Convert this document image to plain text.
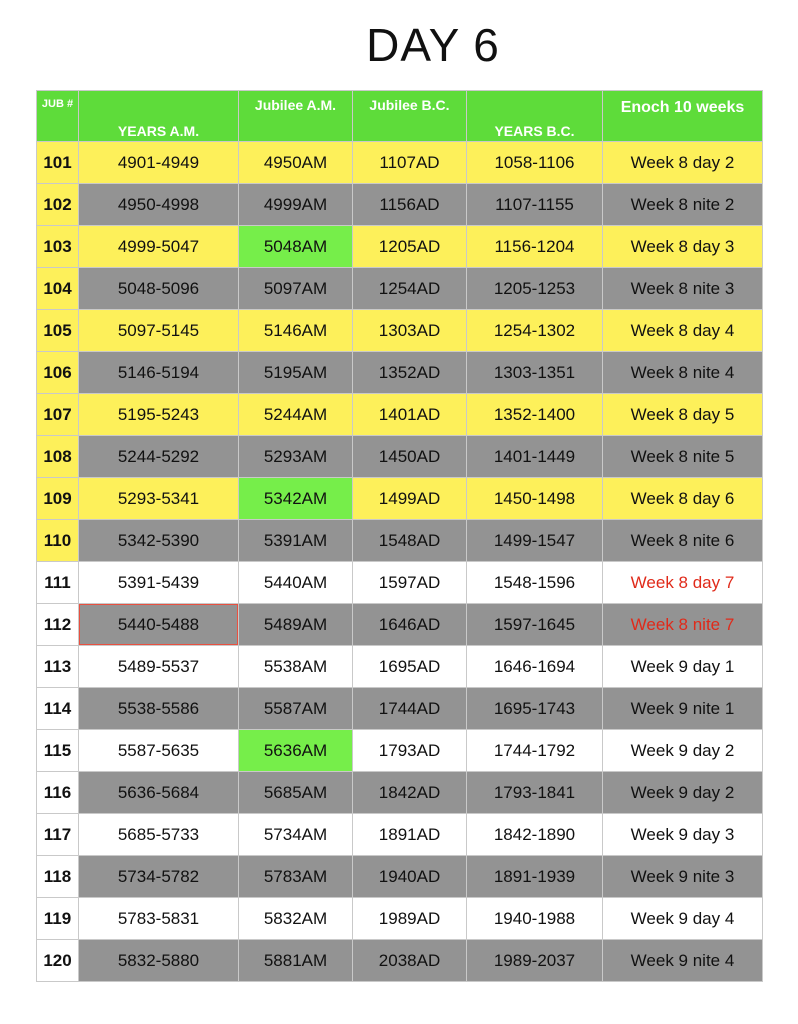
DAY 6
JUB #	YEARS A.M.	Jubilee A.M.	Jubilee B.C.	YEARS B.C.	Enoch 10 weeks
101	4901-4949	4950AM	1107AD	1058-1106	Week 8 day 2
102	4950-4998	4999AM	1156AD	1107-1155	Week 8 nite 2
103	4999-5047	5048AM	1205AD	1156-1204	Week 8 day 3
104	5048-5096	5097AM	1254AD	1205-1253	Week 8 nite 3
105	5097-5145	5146AM	1303AD	1254-1302	Week 8 day 4
106	5146-5194	5195AM	1352AD	1303-1351	Week 8 nite 4
107	5195-5243	5244AM	1401AD	1352-1400	Week 8 day 5
108	5244-5292	5293AM	1450AD	1401-1449	Week 8 nite 5
109	5293-5341	5342AM	1499AD	1450-1498	Week 8 day 6
110	5342-5390	5391AM	1548AD	1499-1547	Week 8 nite 6
111	5391-5439	5440AM	1597AD	1548-1596	Week 8 day 7
112	5440-5488	5489AM	1646AD	1597-1645	Week 8 nite 7
113	5489-5537	5538AM	1695AD	1646-1694	Week 9 day 1
114	5538-5586	5587AM	1744AD	1695-1743	Week 9 nite 1
115	5587-5635	5636AM	1793AD	1744-1792	Week 9 day 2
116	5636-5684	5685AM	1842AD	1793-1841	Week 9 day 2
117	5685-5733	5734AM	1891AD	1842-1890	Week 9 day 3
118	5734-5782	5783AM	1940AD	1891-1939	Week 9 nite 3
119	5783-5831	5832AM	1989AD	1940-1988	Week 9 day 4
120	5832-5880	5881AM	2038AD	1989-2037	Week 9 nite 4
